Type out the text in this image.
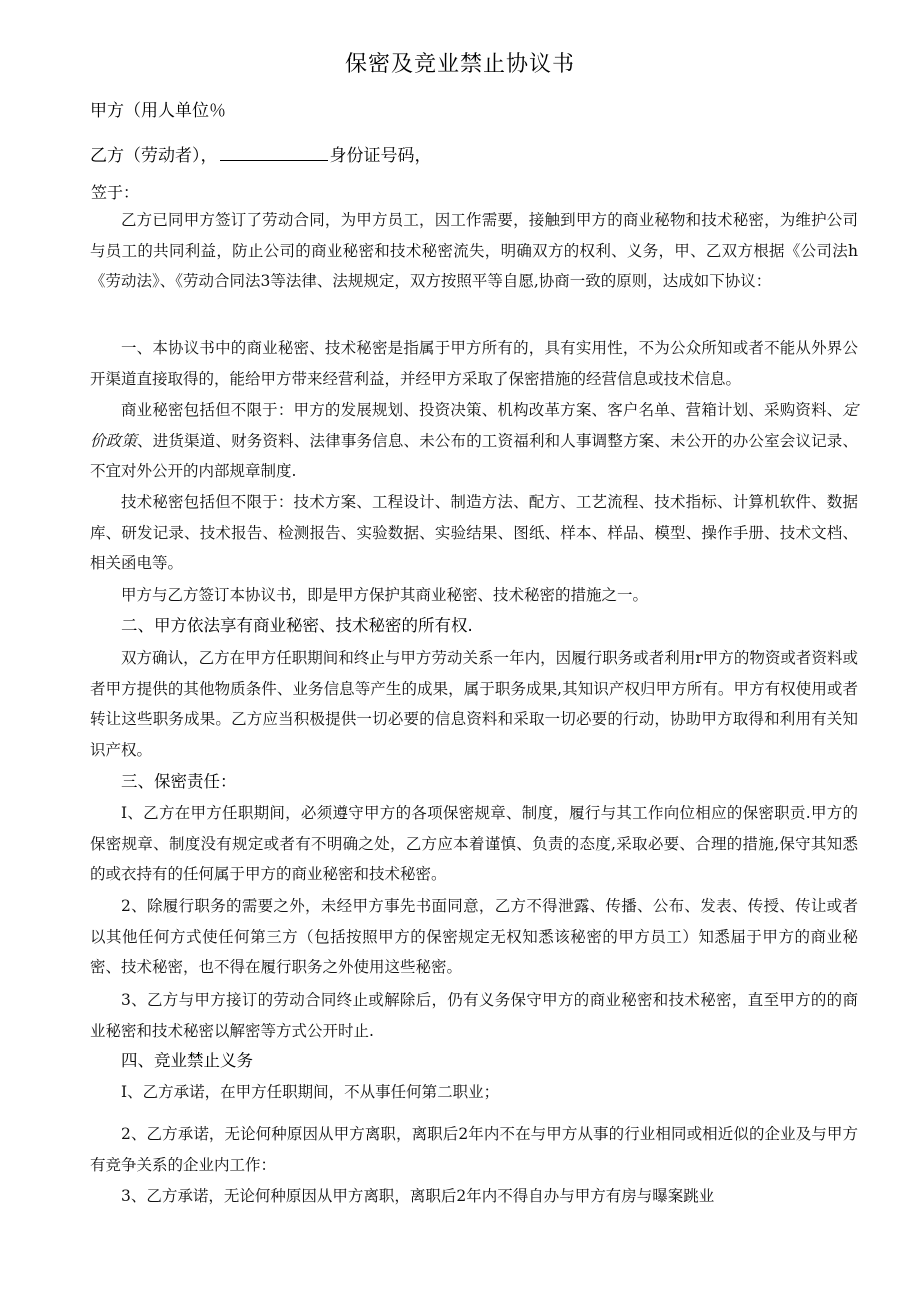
保密及竞业禁止协议书
甲方（用人单位％
乙方（劳动者），	身份证号码，
笠于：
乙方已同甲方签订了劳动合同，为甲方员工，因工作需要，接触到甲方的商业秘物和技术秘密，为维护公司与员工的共同利益，防止公司的商业秘密和技术秘密流失，明确双方的权利、义务，甲、乙双方根据《公司法h《劳动法》、《劳动合同法3等法律、法规规定，双方按照平等自愿,协商一致的原则，达成如下协议：
一、本协议书中的商业秘密、技术秘密是指属于甲方所有的，具有实用性，不为公众所知或者不能从外界公开渠道直接取得的，能给甲方带来经营利益，并经甲方采取了保密措施的经营信息或技术信息。
商业秘密包括但不限于：甲方的发展规划、投资决策、机构改革方案、客户名单、营箱计划、采购资料、定价政策、进货渠道、财务资料、法律事务信息、未公布的工资福利和人事调整方案、未公开的办公室会议记录、不宜对外公开的内部规章制度.
技术秘密包括但不限于：技术方案、工程设计、制造方法、配方、工艺流程、技术指标、计算机软件、数据库、研发记录、技术报告、检测报告、实验数据、实验结果、图纸、样本、样品、模型、操作手册、技术文档、相关函电等。
甲方与乙方签订本协议书，即是甲方保护其商业秘密、技术秘密的措施之一。
二、甲方依法享有商业秘密、技术秘密的所有权.
双方确认，乙方在甲方任职期间和终止与甲方劳动关系一年内，因履行职务或者利用r甲方的物资或者资料或者甲方提供的其他物质条件、业务信息等产生的成果，属于职务成果,其知识产权归甲方所有。甲方有权使用或者转让这些职务成果。乙方应当积极提供一切必要的信息资料和采取一切必要的行动，协助甲方取得和利用有关知识产权。
三、保密责任：
I、乙方在甲方任职期间，必须遵守甲方的各项保密规章、制度，履行与其工作向位相应的保密职贡.甲方的保密规章、制度没有规定或者有不明确之处，乙方应本着谨慎、负责的态度,采取必要、合理的措施,保守其知悉的或衣持有的任何属于甲方的商业秘密和技术秘密。
2、除履行职务的需要之外，未经甲方事先书面同意，乙方不得泄露、传播、公布、发表、传授、传让或者以其他任何方式使任何第三方（包括按照甲方的保密规定无权知悉该秘密的甲方员工）知悉届于甲方的商业秘密、技术秘密，也不得在履行职务之外使用这些秘密。
3、乙方与甲方接订的劳动合同终止或解除后，仍有义务保守甲方的商业秘密和技术秘密，直至甲方的的商业秘密和技术秘密以解密等方式公开时止.
四、竞业禁止义务
I、乙方承诺，在甲方任职期间，不从事任何第二职业；
2、乙方承诺，无论何种原因从甲方离职，离职后2年内不在与甲方从事的行业相同或相近似的企业及与甲方有竞争关系的企业内工作：
3、乙方承诺，无论何种原因从甲方离职，离职后2年内不得自办与甲方有房与曝案跳业
